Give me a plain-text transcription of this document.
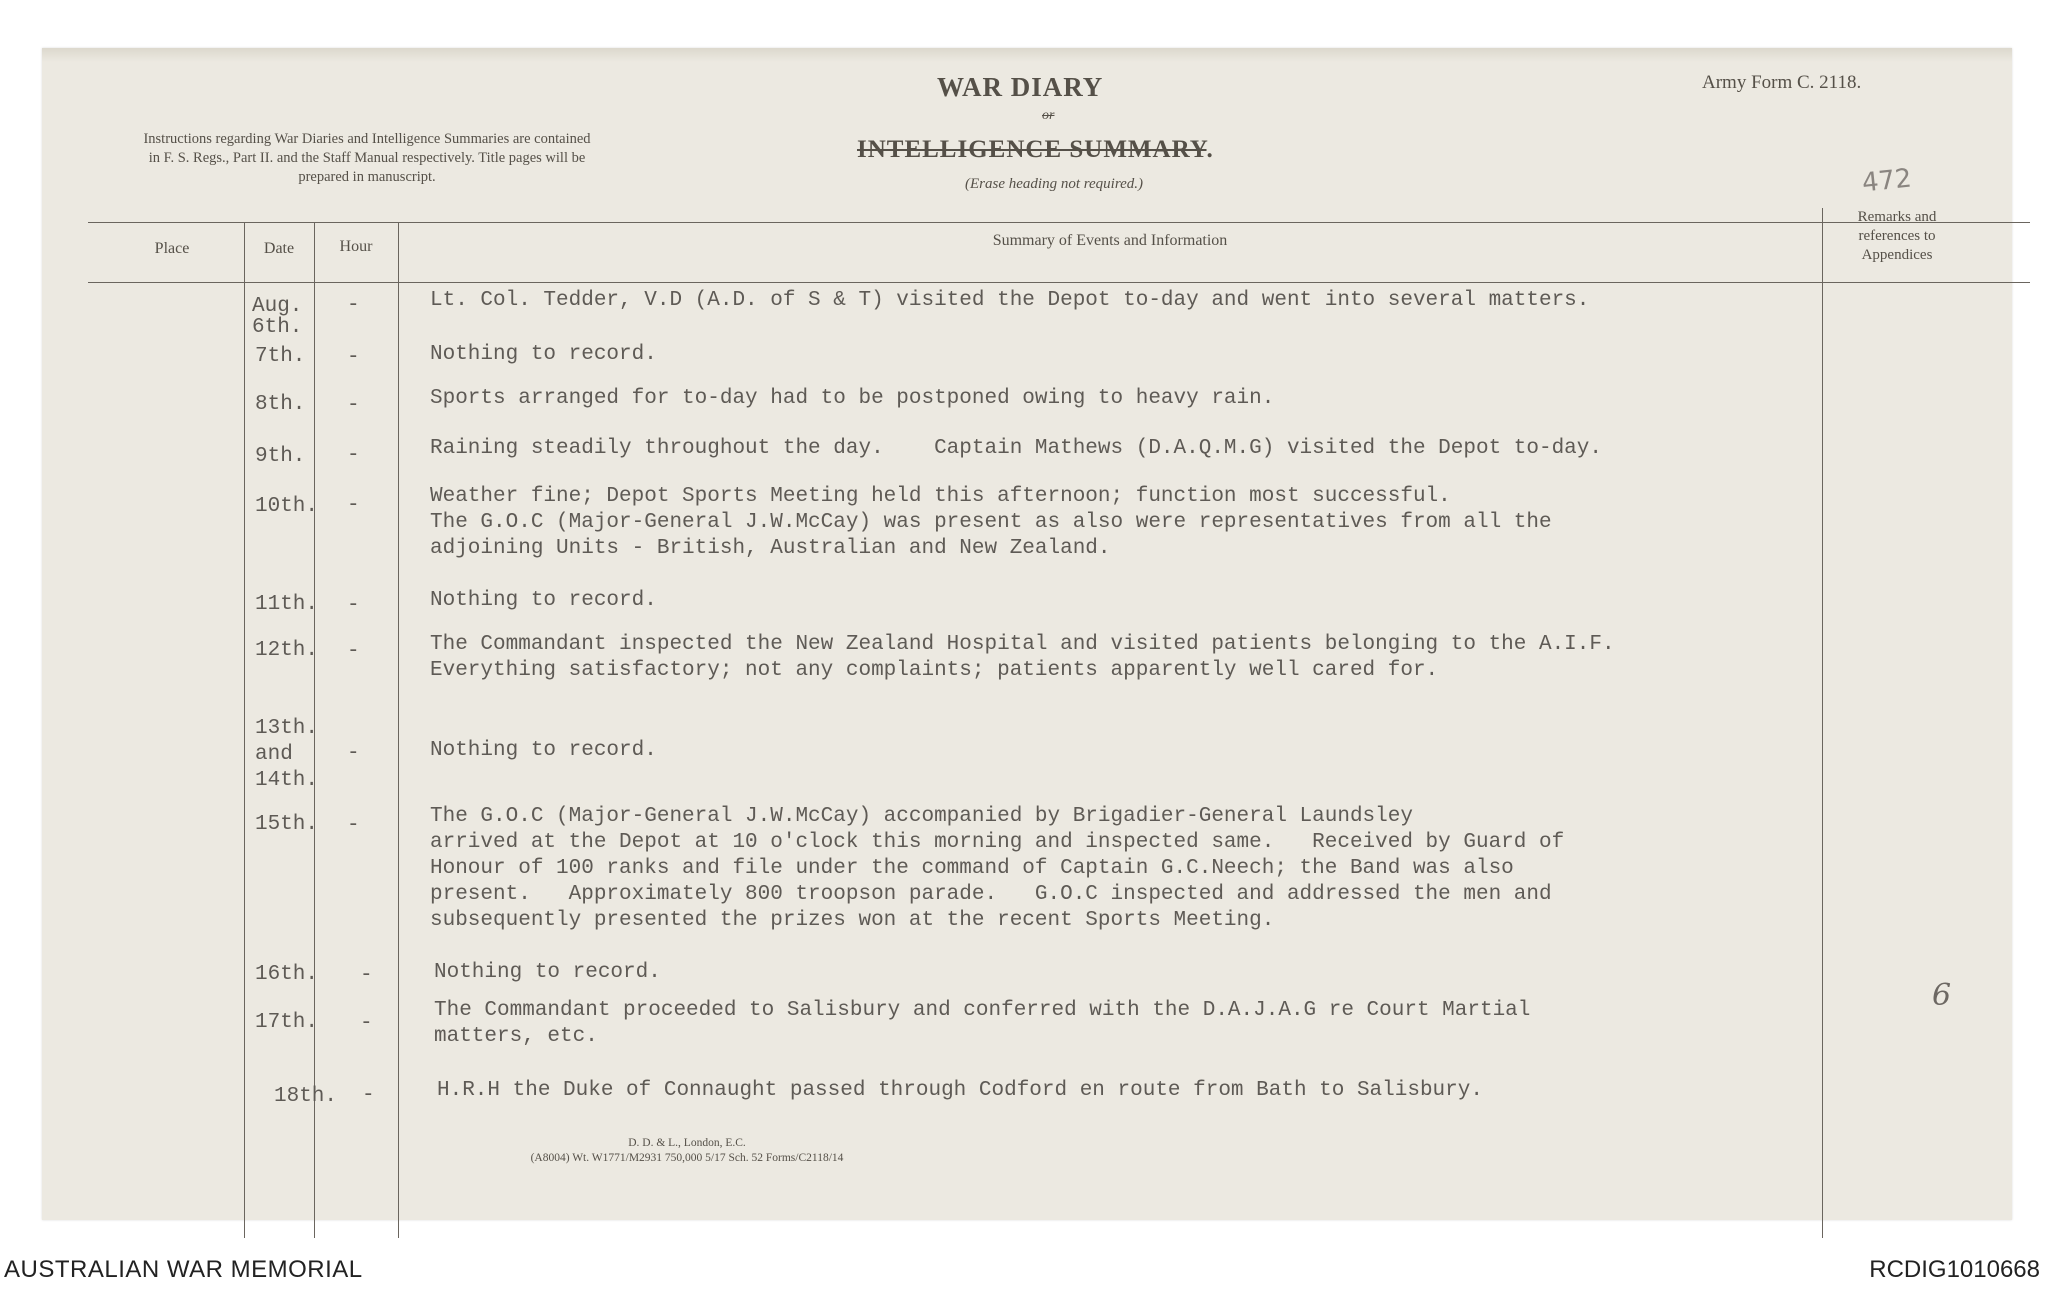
WAR DIARY
or
INTELLIGENCE SUMMARY.
(Erase heading not required.)
Army Form C. 2118.
Instructions regarding War Diaries and Intelligence Summaries are contained in F. S. Regs., Part II. and the Staff Manual respectively. Title pages will be prepared in manuscript.	472
Place	Date	Hour	Summary of Events and Information
Remarks and references to Appendices
Aug.
6th.
-	Lt. Col. Tedder, V.D (A.D. of S & T) visited the Depot to-day and went into several matters.
7th. -	Nothing to record.
8th. -	Sports arranged for to-day had to be postponed owing to heavy rain.
9th. -	Raining steadily throughout the day.    Captain Mathews (D.A.Q.M.G) visited the Depot to-day.
10th. -	Weather fine; Depot Sports Meeting held this afternoon; function most successful.
The G.O.C (Major-General J.W.McCay) was present as also were representatives from all the
adjoining Units - British, Australian and New Zealand.
11th. -	Nothing to record.
12th. -	The Commandant inspected the New Zealand Hospital and visited patients belonging to the A.I.F.
Everything satisfactory; not any complaints; patients apparently well cared for.
13th.
and
14th.
-	Nothing to record.
15th. -	The G.O.C (Major-General J.W.McCay) accompanied by Brigadier-General Laundsley
arrived at the Depot at 10 o'clock this morning and inspected same.   Received by Guard of
Honour of 100 ranks and file under the command of Captain G.C.Neech; the Band was also
present.   Approximately 800 troopson parade.   G.O.C inspected and addressed the men and
subsequently presented the prizes won at the recent Sports Meeting.
16th. -	Nothing to record.
17th. -
The Commandant proceeded to Salisbury and conferred with the D.A.J.A.G re Court Martial
matters, etc.
18th. -	H.R.H the Duke of Connaught passed through Codford en route from Bath to Salisbury.
6
D. D. & L., London, E.C.
(A8004) Wt. W1771/M2931 750,000 5/17 Sch. 52 Forms/C2118/14
AUSTRALIAN WAR MEMORIAL	RCDIG1010668
